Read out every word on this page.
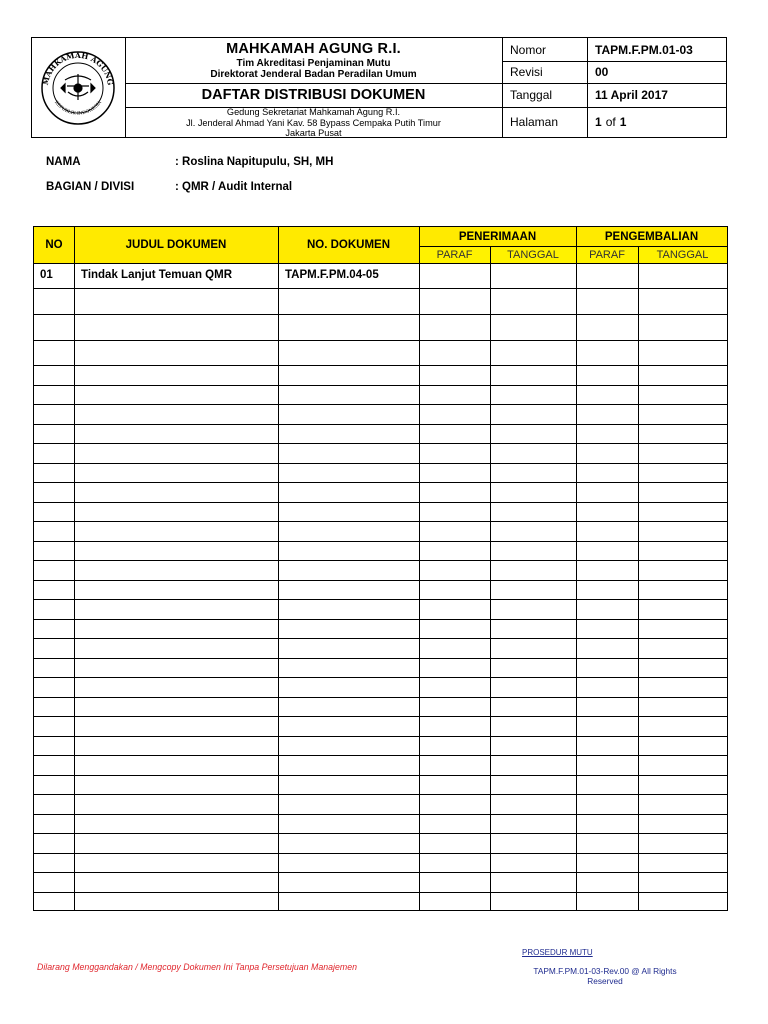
MAHKAMAH AGUNG
REPUBLIK INDONESIA
MAHKAMAH AGUNG R.I.
Tim Akreditasi Penjaminan Mutu
Direktorat Jenderal Badan Peradilan Umum
DAFTAR DISTRIBUSI DOKUMEN
Gedung Sekretariat Mahkamah Agung R.I.
Jl. Jenderal Ahmad Yani Kav. 58 Bypass Cempaka Putih Timur
Jakarta Pusat
Nomor	TAPM.F.PM.01-03
Revisi	00
Tanggal	11 April 2017
Halaman	1 of 1
NAMA	: Roslina Napitupulu, SH, MH
BAGIAN / DIVISI	: QMR / Audit Internal
NO	JUDUL DOKUMEN	NO. DOKUMEN
PENERIMAAN	PENGEMBALIAN
PARAF	TANGGAL	PARAF	TANGGAL
01 Tindak Lanjut Temuan QMR	TAPM.F.PM.04-05
Dilarang Menggandakan / Mengcopy Dokumen Ini Tanpa Persetujuan Manajemen
PROSEDUR MUTU
TAPM.F.PM.01-03-Rev.00 @ All Rights
Reserved
